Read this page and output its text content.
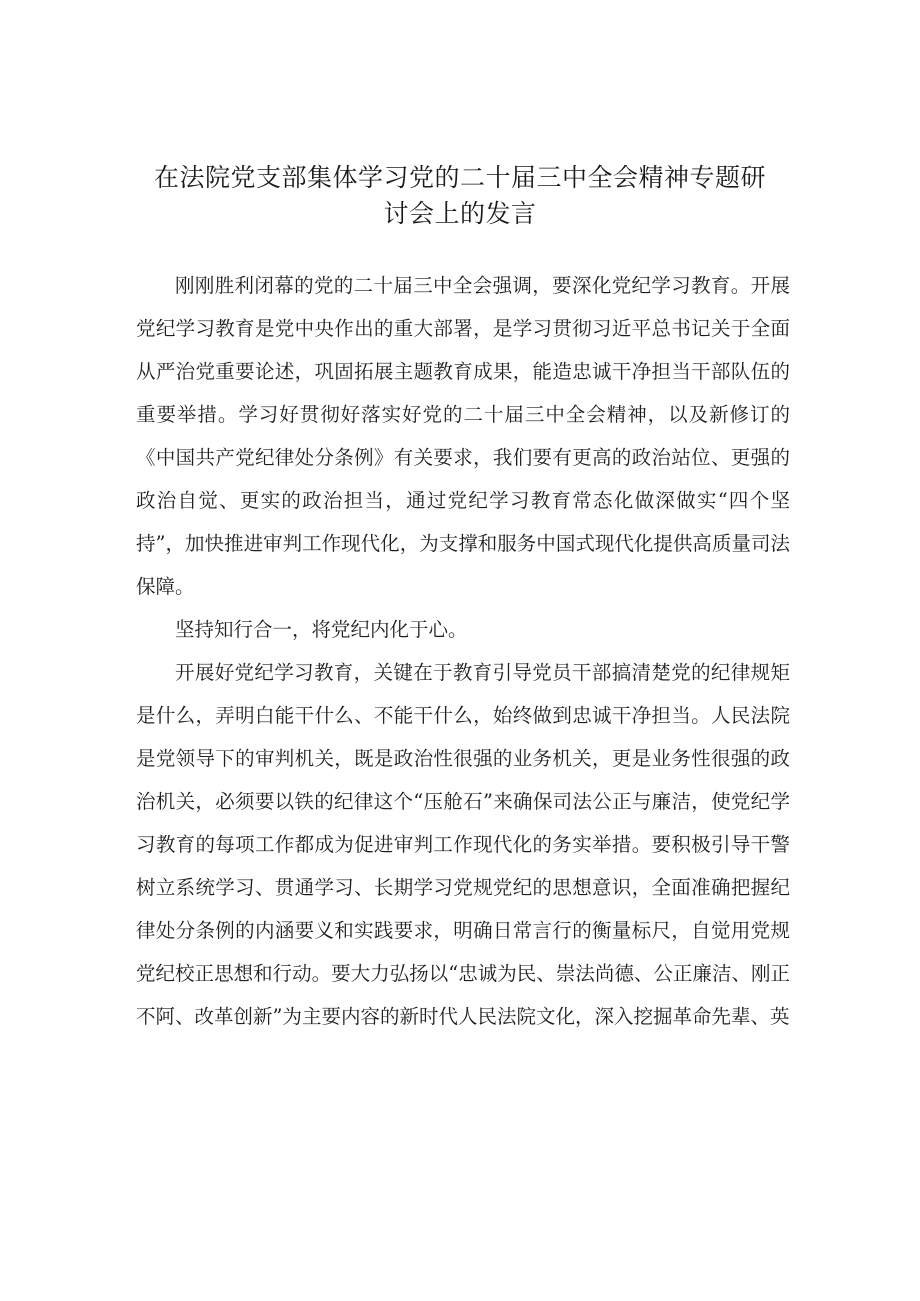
在法院党支部集体学习党的二十届三中全会精神专题研
讨会上的发言

刚刚胜利闭幕的党的二十届三中全会强调，要深化党纪学习教育。开展党纪学习教育是党中央作出的重大部署，是学习贯彻习近平总书记关于全面从严治党重要论述，巩固拓展主题教育成果，能造忠诚干净担当干部队伍的重要举措。学习好贯彻好落实好党的二十届三中全会精神，以及新修订的《中国共产党纪律处分条例》有关要求，我们要有更高的政治站位、更强的政治自觉、更实的政治担当，通过党纪学习教育常态化做深做实“四个坚持”，加快推进审判工作现代化，为支撑和服务中国式现代化提供高质量司法保障。

坚持知行合一，将党纪内化于心。

开展好党纪学习教育，关键在于教育引导党员干部搞清楚党的纪律规矩是什么，弄明白能干什么、不能干什么，始终做到忠诚干净担当。人民法院是党领导下的审判机关，既是政治性很强的业务机关，更是业务性很强的政治机关，必须要以铁的纪律这个“压舱石”来确保司法公正与廉洁，使党纪学习教育的每项工作都成为促进审判工作现代化的务实举措。要积极引导干警树立系统学习、贯通学习、长期学习党规党纪的思想意识，全面准确把握纪律处分条例的内涵要义和实践要求，明确日常言行的衡量标尺，自觉用党规党纪校正思想和行动。要大力弘扬以“忠诚为民、崇法尚德、公正廉洁、刚正不阿、改革创新”为主要内容的新时代人民法院文化，深入挖掘革命先辈、英
